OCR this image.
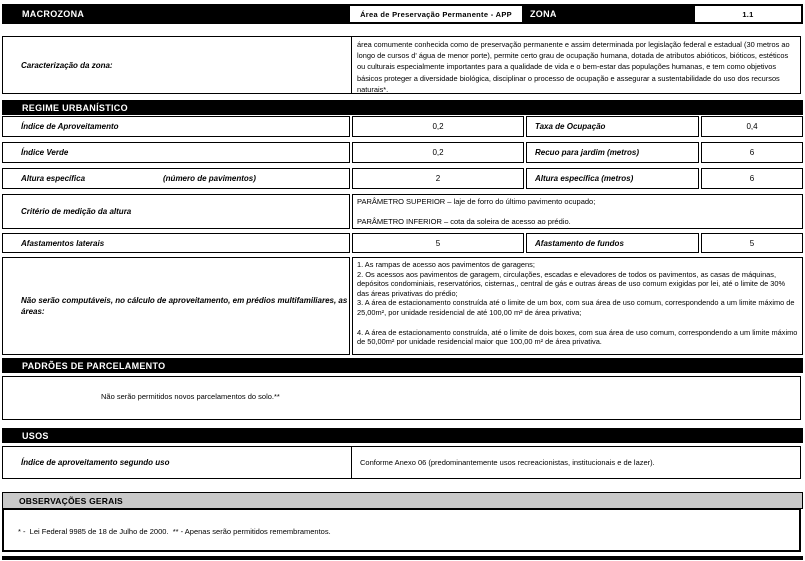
MACROZONA	Área de Preservação Permanente - APP	ZONA	1.1
Caracterização da zona:
área comumente conhecida como de preservação permanente e assim determinada por legislação federal e estadual (30 metros ao longo de cursos d' água de menor porte), permite certo grau de ocupação humana, dotada de atributos abióticos, bióticos, estéticos ou culturais especialmente importantes para a qualidade de vida e o bem-estar das populações humanas, e tem como objetivos básicos proteger a diversidade biológica, disciplinar o processo de ocupação e assegurar a sustentabilidade do uso dos recursos naturais*.
REGIME URBANÍSTICO
Índice de Aproveitamento	0,2	Taxa de Ocupação	0,4
Índice Verde	0,2	Recuo para jardim (metros)	6
Altura específica	(número de pavimentos)	2	Altura específica (metros)	6
Critério de medição da altura
PARÂMETRO SUPERIOR – laje de forro do último pavimento ocupado;
PARÂMETRO INFERIOR – cota da soleira de acesso ao prédio.
Afastamentos laterais	5	Afastamento de fundos	5
Não serão computáveis, no cálculo de aproveitamento, em prédios multifamiliares, as áreas:
1. As rampas de acesso aos pavimentos de garagens;
2. Os acessos aos pavimentos de garagem, circulações, escadas e elevadores de todos os pavimentos, as casas de máquinas, depósitos condominiais, reservatórios, cisternas,, central de gás e outras áreas de uso comum exigidas por lei, até o limite de 30% das áreas privativas do prédio;
3. A área de estacionamento construída até o limite de um box, com sua área de uso comum, correspondendo a um limite máximo de 25,00m², por unidade residencial de até 100,00 m² de área privativa;
4. A área de estacionamento construída, até o limite de dois boxes, com sua área de uso comum, correspondendo a um limite máximo de 50,00m² por unidade residencial maior que 100,00 m² de área privativa.
PADRÕES DE PARCELAMENTO
Não serão permitidos novos parcelamentos do solo.**
USOS
Índice de aproveitamento segundo uso	Conforme Anexo 06 (predominantemente usos recreacionistas, institucionais e de lazer).
OBSERVAÇÕES GERAIS
* -  Lei Federal 9985 de 18 de Julho de 2000.  ** - Apenas serão permitidos remembramentos.
